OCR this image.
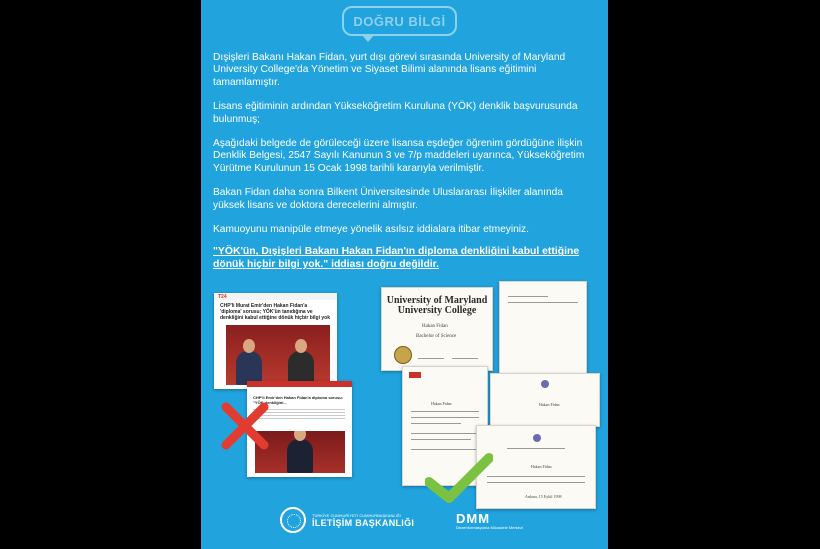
DOĞRU BİLGİ

Dışişleri Bakanı Hakan Fidan, yurt dışı görevi sırasında University of Maryland University College'da Yönetim ve Siyaset Bilimi alanında lisans eğitimini tamamlamıştır.

Lisans eğitiminin ardından Yükseköğretim Kuruluna (YÖK) denklik başvurusunda bulunmuş;

Aşağıdaki belgede de görüleceği üzere lisansa eşdeğer öğrenim gördüğüne ilişkin Denklik Belgesi, 2547 Sayılı Kanunun 3 ve 7/p maddeleri uyarınca, Yükseköğretim Yürütme Kurulunun 15 Ocak 1998 tarihli kararıyla verilmiştir.

Bakan Fidan daha sonra Bilkent Üniversitesinde Uluslararası İlişkiler alanında yüksek lisans ve doktora derecelerini almıştır.

Kamuoyunu manipüle etmeye yönelik asılsız iddialara itibar etmeyiniz.

"YÖK'ün, Dışişleri Bakanı Hakan Fidan'ın diploma denkliğini kabul ettiğine dönük hiçbir bilgi yok." iddiası doğru değildir.

T24
CHP'li Murat Emir'den Hakan Fidan'a 'diploma' sorusu; YÖK'ün tanıdığına ve denkliğini kabul ettiğine dönük hiçbir bilgi yok
CHP'li Emir'den Hakan Fidan'a diploma sorusu: "YÖK denkliğini...
University of Maryland University College
Hakan Fidan
Bachelor of Science
Hakan Fidan	Hakan Fidan
Hakan Fidan
Ankara, 15 Eylül 1998
TÜRKİYE CUMHURİYETİ CUMHURBAŞKANLIĞI
İLETİŞİM BAŞKANLIĞI	DMM
Dezenformasyonla Mücadele Merkezi
